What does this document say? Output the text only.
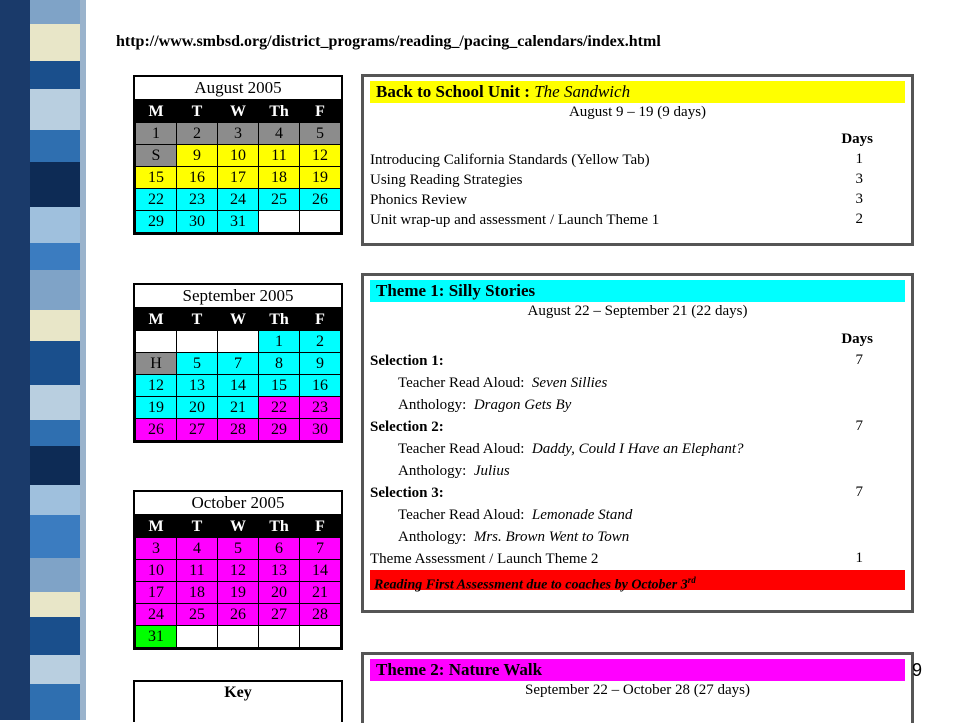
http://www.smbsd.org/district_programs/reading_/pacing_calendars/index.html
August 2005
M	T	W	Th	F
1	2	3	4	5
S	9	10	11	12
15	16	17	18	19
22	23	24	25	26
29	30	31		
September 2005
M	T	W	Th	F
			1	2
H	5	7	8	9
12	13	14	15	16
19	20	21	22	23
26	27	28	29	30
October 2005
M	T	W	Th	F
3	4	5	6	7
10	11	12	13	14
17	18	19	20	21
24	25	26	27	28
31				
Key
Back to School Unit : The Sandwich
August 9 – 19 (9 days)
Days
Introducing California Standards (Yellow Tab)	1
Using Reading Strategies	3
Phonics Review	3
Unit wrap-up and assessment / Launch Theme 1	2
Theme 1: Silly Stories
August 22 – September 21 (22 days)
Days
Selection 1:	7
Teacher Read Aloud: Seven Sillies
Anthology: Dragon Gets By
Selection 2:	7
Teacher Read Aloud: Daddy, Could I Have an Elephant?
Anthology: Julius
Selection 3:	7
Teacher Read Aloud: Lemonade Stand
Anthology: Mrs. Brown Went to Town
Theme Assessment / Launch Theme 2	1
Reading First Assessment due to coaches by October 3rd
Theme 2: Nature Walk
September 22 – October 28 (27 days)
9
